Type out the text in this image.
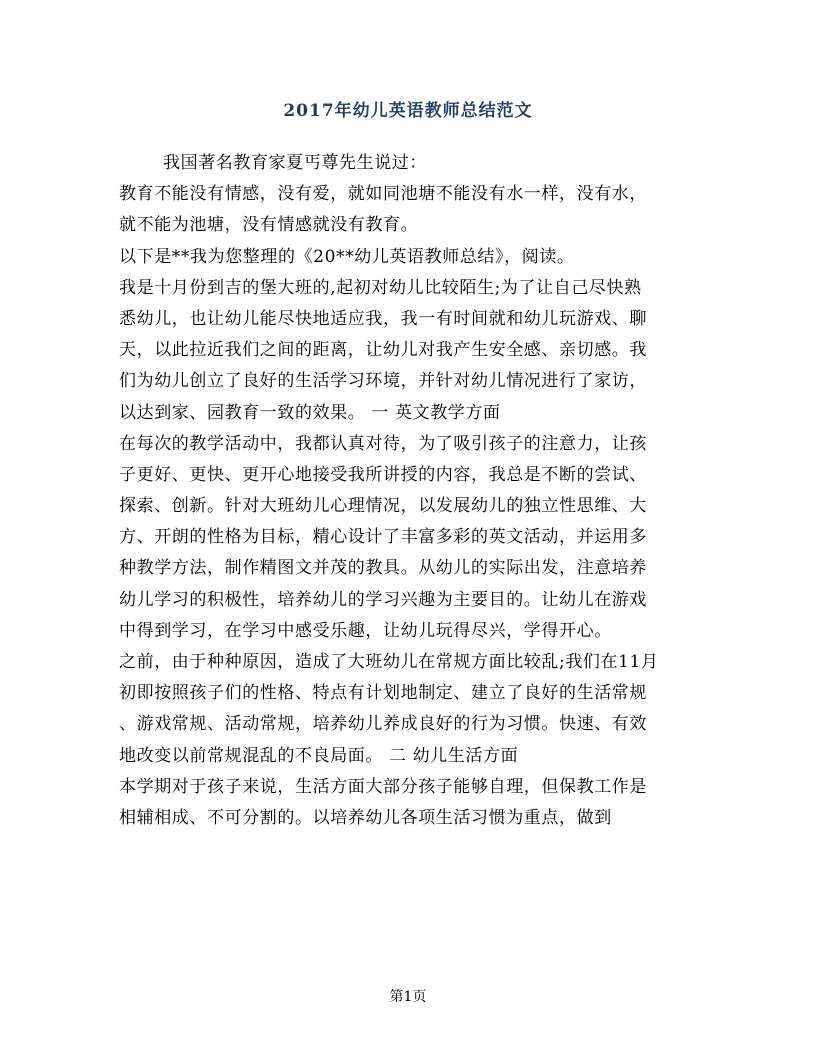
2017年幼儿英语教师总结范文
我国著名教育家夏丐尊先生说过：
教育不能没有情感，没有爱，就如同池塘不能没有水一样，没有水，
就不能为池塘，没有情感就没有教育。
以下是**我为您整理的《20**幼儿英语教师总结》，阅读。
我是十月份到吉的堡大班的,起初对幼儿比较陌生;为了让自己尽快熟
悉幼儿，也让幼儿能尽快地适应我，我一有时间就和幼儿玩游戏、聊
天，以此拉近我们之间的距离，让幼儿对我产生安全感、亲切感。我
们为幼儿创立了良好的生活学习环境，并针对幼儿情况进行了家访，
以达到家、园教育一致的效果。 一 英文教学方面
在每次的教学活动中，我都认真对待，为了吸引孩子的注意力，让孩
子更好、更快、更开心地接受我所讲授的内容，我总是不断的尝试、
探索、创新。针对大班幼儿心理情况，以发展幼儿的独立性思维、大
方、开朗的性格为目标，精心设计了丰富多彩的英文活动，并运用多
种教学方法，制作精图文并茂的教具。从幼儿的实际出发，注意培养
幼儿学习的积极性，培养幼儿的学习兴趣为主要目的。让幼儿在游戏
中得到学习，在学习中感受乐趣，让幼儿玩得尽兴，学得开心。
之前，由于种种原因，造成了大班幼儿在常规方面比较乱;我们在11月
初即按照孩子们的性格、特点有计划地制定、建立了良好的生活常规
、游戏常规、活动常规，培养幼儿养成良好的行为习惯。快速、有效
地改变以前常规混乱的不良局面。 二 幼儿生活方面
本学期对于孩子来说，生活方面大部分孩子能够自理，但保教工作是
相辅相成、不可分割的。以培养幼儿各项生活习惯为重点，做到
第1页
